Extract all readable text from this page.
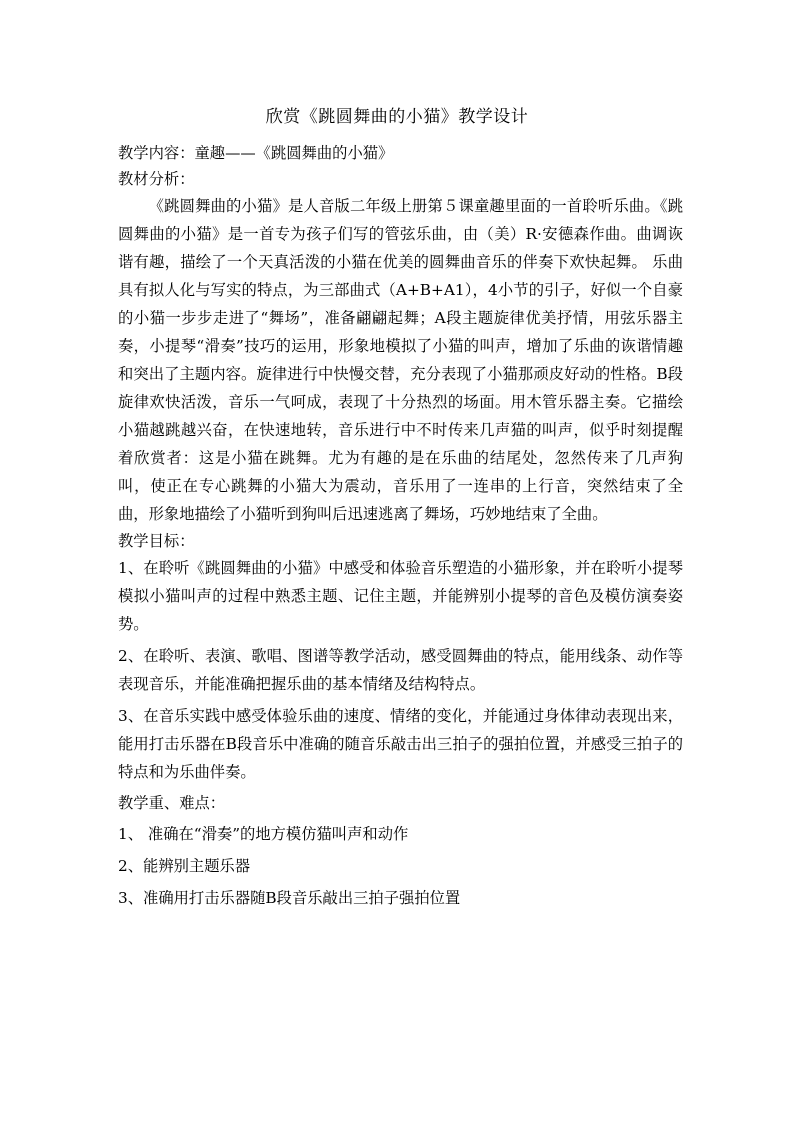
欣赏《跳圆舞曲的小猫》教学设计

教学内容：童趣——《跳圆舞曲的小猫》

教材分析：

《跳圆舞曲的小猫》是人音版二年级上册第５课童趣里面的一首聆听乐曲。《跳圆舞曲的小猫》是一首专为孩子们写的管弦乐曲，由（美）R·安德森作曲。曲调诙谐有趣，描绘了一个天真活泼的小猫在优美的圆舞曲音乐的伴奏下欢快起舞。 乐曲具有拟人化与写实的特点，为三部曲式（A+B+A1），4小节的引子，好似一个自豪的小猫一步步走进了“舞场”，准备翩翩起舞；A段主题旋律优美抒情，用弦乐器主奏，小提琴“滑奏”技巧的运用，形象地模拟了小猫的叫声，增加了乐曲的诙谐情趣和突出了主题内容。旋律进行中快慢交替，充分表现了小猫那顽皮好动的性格。B段旋律欢快活泼，音乐一气呵成，表现了十分热烈的场面。用木管乐器主奏。它描绘小猫越跳越兴奋，在快速地转，音乐进行中不时传来几声猫的叫声，似乎时刻提醒着欣赏者：这是小猫在跳舞。尤为有趣的是在乐曲的结尾处，忽然传来了几声狗叫，使正在专心跳舞的小猫大为震动，音乐用了一连串的上行音，突然结束了全曲，形象地描绘了小猫听到狗叫后迅速逃离了舞场，巧妙地结束了全曲。

教学目标：

1、在聆听《跳圆舞曲的小猫》中感受和体验音乐塑造的小猫形象，并在聆听小提琴模拟小猫叫声的过程中熟悉主题、记住主题，并能辨别小提琴的音色及模仿演奏姿势。

2、在聆听、表演、歌唱、图谱等教学活动，感受圆舞曲的特点，能用线条、动作等表现音乐，并能准确把握乐曲的基本情绪及结构特点。

3、在音乐实践中感受体验乐曲的速度、情绪的变化，并能通过身体律动表现出来，能用打击乐器在B段音乐中准确的随音乐敲击出三拍子的强拍位置，并感受三拍子的特点和为乐曲伴奏。

教学重、难点：

1、 准确在“滑奏”的地方模仿猫叫声和动作

2、能辨别主题乐器

3、准确用打击乐器随B段音乐敲出三拍子强拍位置
